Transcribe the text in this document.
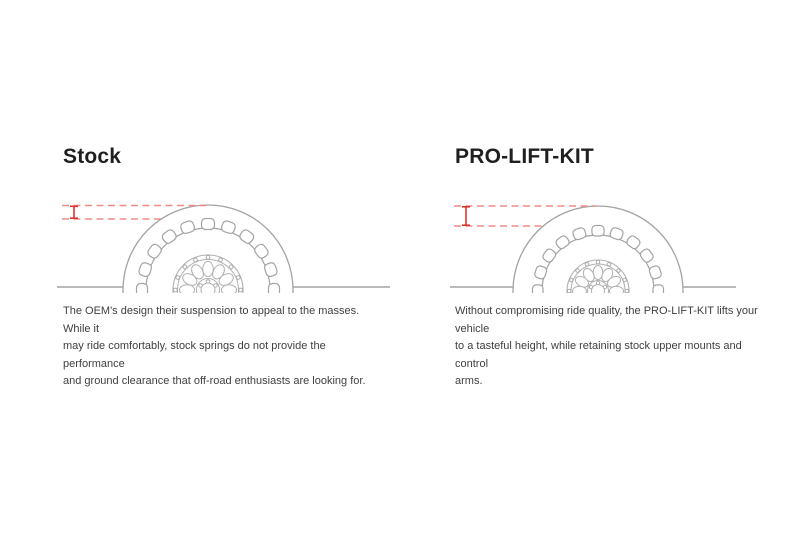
Stock
The OEM's design their suspension to appeal to the masses. While it
may ride comfortably, stock springs do not provide the performance
and ground clearance that off-road enthusiasts are looking for.
PRO-LIFT-KIT
Without compromising ride quality, the PRO-LIFT-KIT lifts your vehicle
to a tasteful height, while retaining stock upper mounts and control
arms.
